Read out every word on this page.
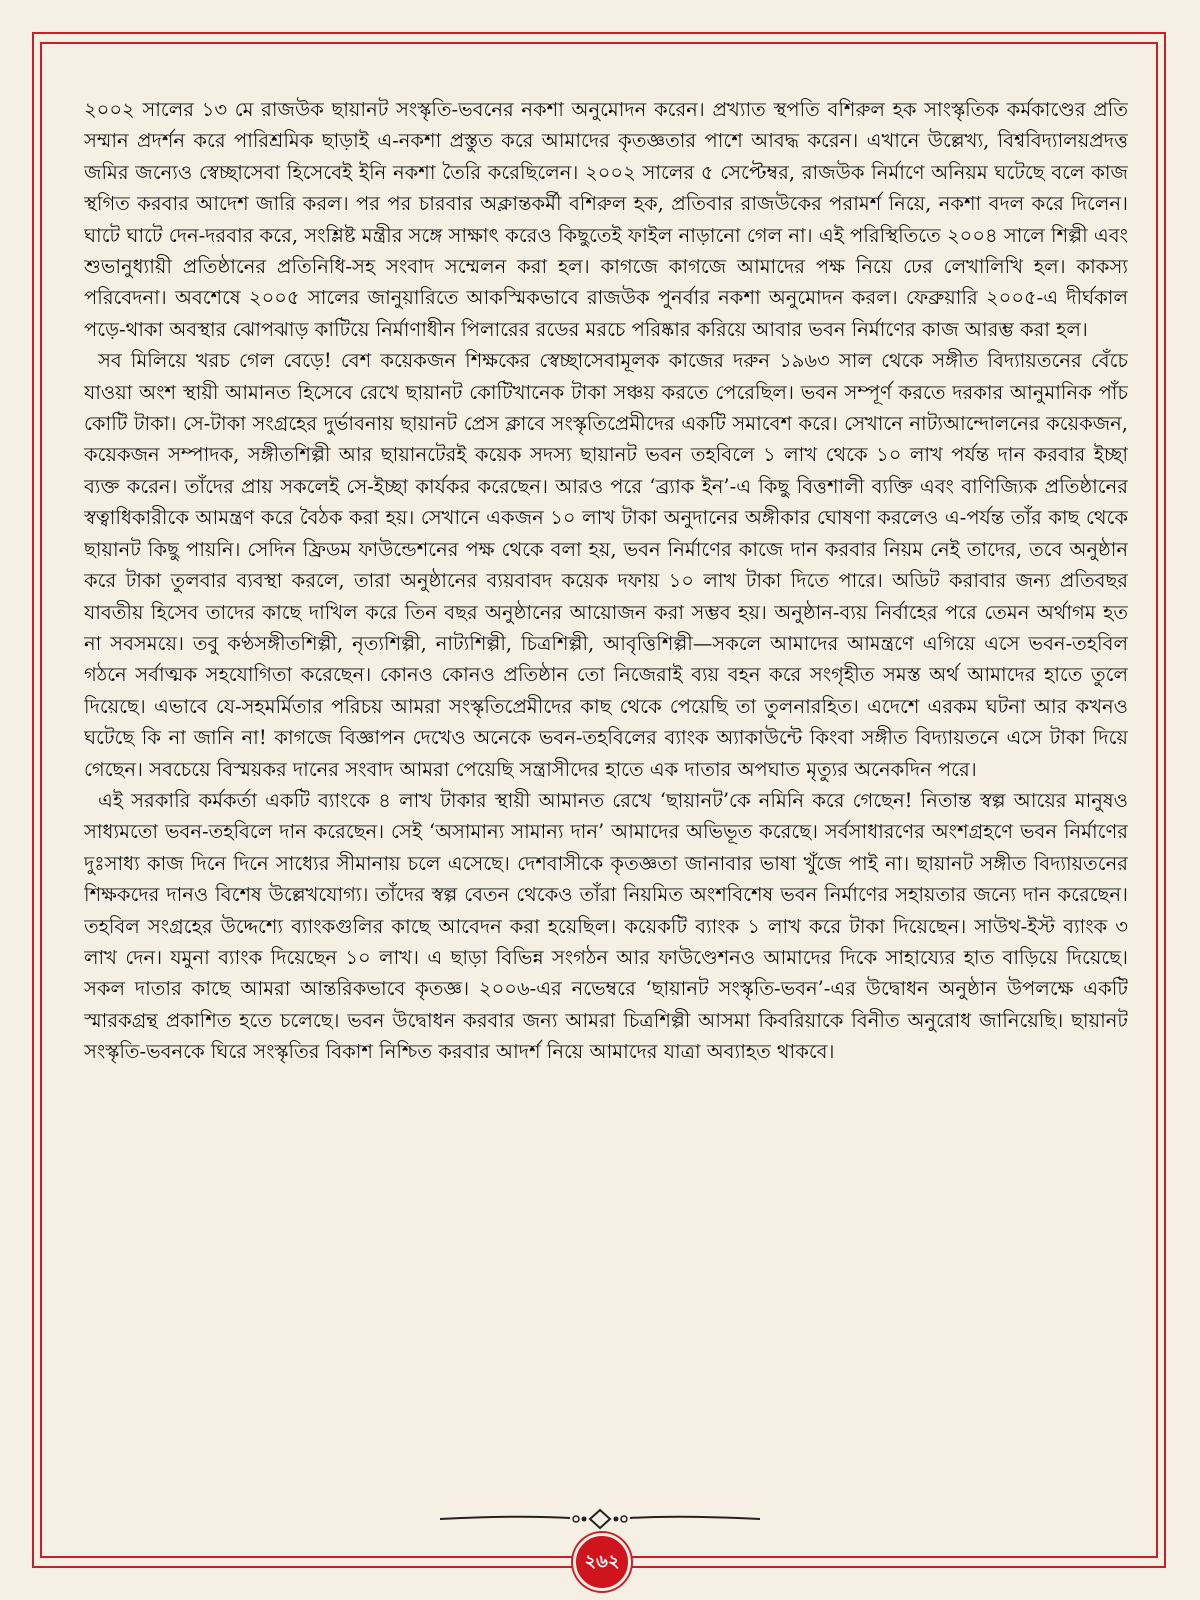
২০০২ সালের ১৩ মে রাজউক ছায়ানট সংস্কৃতি-ভবনের নকশা অনুমোদন করেন। প্রখ্যাত স্থপতি বশিরুল হক সাংস্কৃতিক কর্মকাণ্ডের প্রতি সম্মান প্রদর্শন করে পারিশ্রমিক ছাড়াই এ-নকশা প্রস্তুত করে আমাদের কৃতজ্ঞতার পাশে আবদ্ধ করেন। এখানে উল্লেখ্য, বিশ্ববিদ্যালয়প্রদত্ত জমির জন্যেও স্বেচ্ছাসেবা হিসেবেই ইনি নকশা তৈরি করেছিলেন। ২০০২ সালের ৫ সেপ্টেম্বর, রাজউক নির্মাণে অনিয়ম ঘটেছে বলে কাজ স্থগিত করবার আদেশ জারি করল। পর পর চারবার অক্লান্তকর্মী বশিরুল হক, প্রতিবার রাজউকের পরামর্শ নিয়ে, নকশা বদল করে দিলেন। ঘাটে ঘাটে দেন-দরবার করে, সংশ্লিষ্ট মন্ত্রীর সঙ্গে সাক্ষাৎ করেও কিছুতেই ফাইল নাড়ানো গেল না। এই পরিস্থিতিতে ২০০৪ সালে শিল্পী এবং শুভানুধ্যায়ী প্রতিষ্ঠানের প্রতিনিধি-সহ সংবাদ সম্মেলন করা হল। কাগজে কাগজে আমাদের পক্ষ নিয়ে ঢের লেখালিখি হল। কাকস্য পরিবেদনা। অবশেষে ২০০৫ সালের জানুয়ারিতে আকস্মিকভাবে রাজউক পুনর্বার নকশা অনুমোদন করল। ফেব্রুয়ারি ২০০৫-এ দীর্ঘকাল পড়ে-থাকা অবস্থার ঝোপঝাড় কাটিয়ে নির্মাণাধীন পিলারের রডের মরচে পরিষ্কার করিয়ে আবার ভবন নির্মাণের কাজ আরম্ভ করা হল।

সব মিলিয়ে খরচ গেল বেড়ে! বেশ কয়েকজন শিক্ষকের স্বেচ্ছাসেবামূলক কাজের দরুন ১৯৬৩ সাল থেকে সঙ্গীত বিদ্যায়তনের বেঁচে যাওয়া অংশ স্থায়ী আমানত হিসেবে রেখে ছায়ানট কোটিখানেক টাকা সঞ্চয় করতে পেরেছিল। ভবন সম্পূর্ণ করতে দরকার আনুমানিক পাঁচ কোটি টাকা। সে-টাকা সংগ্রহের দুর্ভাবনায় ছায়ানট প্রেস ক্লাবে সংস্কৃতিপ্রেমীদের একটি সমাবেশ করে। সেখানে নাট্যআন্দোলনের কয়েকজন, কয়েকজন সম্পাদক, সঙ্গীতশিল্পী আর ছায়ানটেরই কয়েক সদস্য ছায়ানট ভবন তহবিলে ১ লাখ থেকে ১০ লাখ পর্যন্ত দান করবার ইচ্ছা ব্যক্ত করেন। তাঁদের প্রায় সকলেই সে-ইচ্ছা কার্যকর করেছেন। আরও পরে ‘ব্র্যাক ইন’-এ কিছু বিত্তশালী ব্যক্তি এবং বাণিজ্যিক প্রতিষ্ঠানের স্বত্বাধিকারীকে আমন্ত্রণ করে বৈঠক করা হয়। সেখানে একজন ১০ লাখ টাকা অনুদানের অঙ্গীকার ঘোষণা করলেও এ-পর্যন্ত তাঁর কাছ থেকে ছায়ানট কিছু পায়নি। সেদিন ফ্রিডম ফাউন্ডেশনের পক্ষ থেকে বলা হয়, ভবন নির্মাণের কাজে দান করবার নিয়ম নেই তাদের, তবে অনুষ্ঠান করে টাকা তুলবার ব্যবস্থা করলে, তারা অনুষ্ঠানের ব্যয়বাবদ কয়েক দফায় ১০ লাখ টাকা দিতে পারে। অডিট করাবার জন্য প্রতিবছর যাবতীয় হিসেব তাদের কাছে দাখিল করে তিন বছর অনুষ্ঠানের আয়োজন করা সম্ভব হয়। অনুষ্ঠান-ব্যয় নির্বাহের পরে তেমন অর্থাগম হত না সবসময়ে। তবু কণ্ঠসঙ্গীতশিল্পী, নৃত্যশিল্পী, নাট্যশিল্পী, চিত্রশিল্পী, আবৃত্তিশিল্পী—সকলে আমাদের আমন্ত্রণে এগিয়ে এসে ভবন-তহবিল গঠনে সর্বাত্মক সহযোগিতা করেছেন। কোনও কোনও প্রতিষ্ঠান তো নিজেরাই ব্যয় বহন করে সংগৃহীত সমস্ত অর্থ আমাদের হাতে তুলে দিয়েছে। এভাবে যে-সহমর্মিতার পরিচয় আমরা সংস্কৃতিপ্রেমীদের কাছ থেকে পেয়েছি তা তুলনারহিত। এদেশে এরকম ঘটনা আর কখনও ঘটেছে কি না জানি না! কাগজে বিজ্ঞাপন দেখেও অনেকে ভবন-তহবিলের ব্যাংক অ্যাকাউন্টে কিংবা সঙ্গীত বিদ্যায়তনে এসে টাকা দিয়ে গেছেন। সবচেয়ে বিস্ময়কর দানের সংবাদ আমরা পেয়েছি সন্ত্রাসীদের হাতে এক দাতার অপঘাত মৃত্যুর অনেকদিন পরে।

এই সরকারি কর্মকর্তা একটি ব্যাংকে ৪ লাখ টাকার স্থায়ী আমানত রেখে ‘ছায়ানট’কে নমিনি করে গেছেন! নিতান্ত স্বল্প আয়ের মানুষও সাধ্যমতো ভবন-তহবিলে দান করেছেন। সেই ‘অসামান্য সামান্য দান’ আমাদের অভিভূত করেছে। সর্বসাধারণের অংশগ্রহণে ভবন নির্মাণের দুঃসাধ্য কাজ দিনে দিনে সাধ্যের সীমানায় চলে এসেছে। দেশবাসীকে কৃতজ্ঞতা জানাবার ভাষা খুঁজে পাই না। ছায়ানট সঙ্গীত বিদ্যায়তনের শিক্ষকদের দানও বিশেষ উল্লেখযোগ্য। তাঁদের স্বল্প বেতন থেকেও তাঁরা নিয়মিত অংশবিশেষ ভবন নির্মাণের সহায়তার জন্যে দান করেছেন। তহবিল সংগ্রহের উদ্দেশ্যে ব্যাংকগুলির কাছে আবেদন করা হয়েছিল। কয়েকটি ব্যাংক ১ লাখ করে টাকা দিয়েছেন। সাউথ-ইস্ট ব্যাংক ৩ লাখ দেন। যমুনা ব্যাংক দিয়েছেন ১০ লাখ। এ ছাড়া বিভিন্ন সংগঠন আর ফাউণ্ডেশনও আমাদের দিকে সাহায্যের হাত বাড়িয়ে দিয়েছে। সকল দাতার কাছে আমরা আন্তরিকভাবে কৃতজ্ঞ। ২০০৬-এর নভেম্বরে ‘ছায়ানট সংস্কৃতি-ভবন’-এর উদ্বোধন অনুষ্ঠান উপলক্ষে একটি স্মারকগ্রন্থ প্রকাশিত হতে চলেছে। ভবন উদ্বোধন করবার জন্য আমরা চিত্রশিল্পী আসমা কিবরিয়াকে বিনীত অনুরোধ জানিয়েছি। ছায়ানট সংস্কৃতি-ভবনকে ঘিরে সংস্কৃতির বিকাশ নিশ্চিত করবার আদর্শ নিয়ে আমাদের যাত্রা অব্যাহত থাকবে।

২৬২
